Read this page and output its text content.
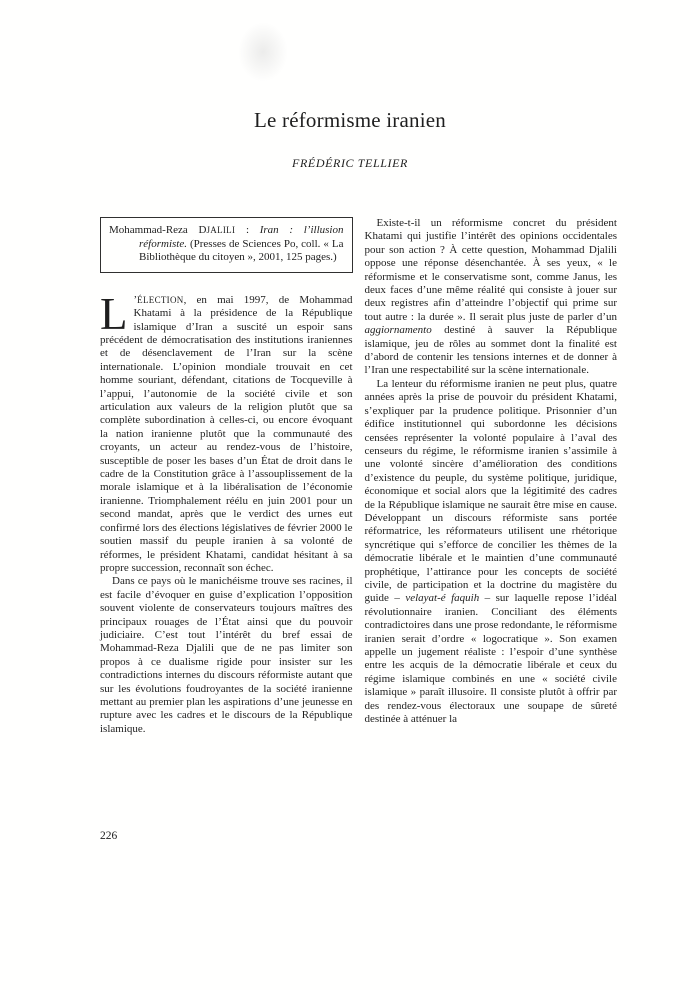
Le réformisme iranien
FRÉDÉRIC TELLIER
Mohammad-Reza DJALILI : Iran : l’illusion réformiste. (Presses de Sciences Po, coll. « La Bibliothèque du citoyen », 2001, 125 pages.)

L ’ÉLECTION, en mai 1997, de Mohammad Khatami à la présidence de la République islamique d’Iran a suscité un espoir sans précédent de démocratisation des institutions iraniennes et de désenclavement de l’Iran sur la scène internationale. L’opinion mondiale trouvait en cet homme souriant, défendant, citations de Tocqueville à l’appui, l’autonomie de la société civile et son articulation aux valeurs de la religion plutôt que sa complète subordination à celles-ci, ou encore évoquant la nation iranienne plutôt que la communauté des croyants, un acteur au rendez-vous de l’histoire, susceptible de poser les bases d’un État de droit dans le cadre de la Constitution grâce à l’assouplissement de la morale islamique et à la libéralisation de l’économie iranienne. Triomphalement réélu en juin 2001 pour un second mandat, après que le verdict des urnes eut confirmé lors des élections législatives de février 2000 le soutien massif du peuple iranien à sa volonté de réformes, le président Khatami, candidat hésitant à sa propre succession, reconnaît son échec.

Dans ce pays où le manichéisme trouve ses racines, il est facile d’évoquer en guise d’explication l’opposition souvent violente de conservateurs toujours maîtres des principaux rouages de l’État ainsi que du pouvoir judiciaire. C’est tout l’intérêt du bref essai de Mohammad-Reza Djalili que de ne pas limiter son propos à ce dualisme rigide pour insister sur les contradictions internes du discours réformiste autant que sur les évolutions foudroyantes de la société iranienne mettant au premier plan les aspirations d’une jeunesse en rupture avec les cadres et le discours de la République islamique.

Existe-t-il un réformisme concret du président Khatami qui justifie l’intérêt des opinions occidentales pour son action ? À cette question, Mohammad Djalili oppose une réponse désenchantée. À ses yeux, « le réformisme et le conservatisme sont, comme Janus, les deux faces d’une même réalité qui consiste à jouer sur deux registres afin d’atteindre l’objectif qui prime sur tout autre : la durée ». Il serait plus juste de parler d’un aggiornamento destiné à sauver la République islamique, jeu de rôles au sommet dont la finalité est d’abord de contenir les tensions internes et de donner à l’Iran une respectabilité sur la scène internationale.

La lenteur du réformisme iranien ne peut plus, quatre années après la prise de pouvoir du président Khatami, s’expliquer par la prudence politique. Prisonnier d’un édifice institutionnel qui subordonne les décisions censées représenter la volonté populaire à l’aval des censeurs du régime, le réformisme iranien s’assimile à une volonté sincère d’amélioration des conditions d’existence du peuple, du système politique, juridique, économique et social alors que la légitimité des cadres de la République islamique ne saurait être mise en cause. Développant un discours réformiste sans portée réformatrice, les réformateurs utilisent une rhétorique syncrétique qui s’efforce de concilier les thèmes de la démocratie libérale et le maintien d’une communauté prophétique, l’attirance pour les concepts de société civile, de participation et la doctrine du magistère du guide – velayat-é faquih – sur laquelle repose l’idéal révolutionnaire iranien. Conciliant des éléments contradictoires dans une prose redondante, le réformisme iranien serait d’ordre « logocratique ». Son examen appelle un jugement réaliste : l’espoir d’une synthèse entre les acquis de la démocratie libérale et ceux du régime islamique combinés en une « société civile islamique » paraît illusoire. Il consiste plutôt à offrir par des rendez-vous électoraux une soupape de sûreté destinée à atténuer la

226
